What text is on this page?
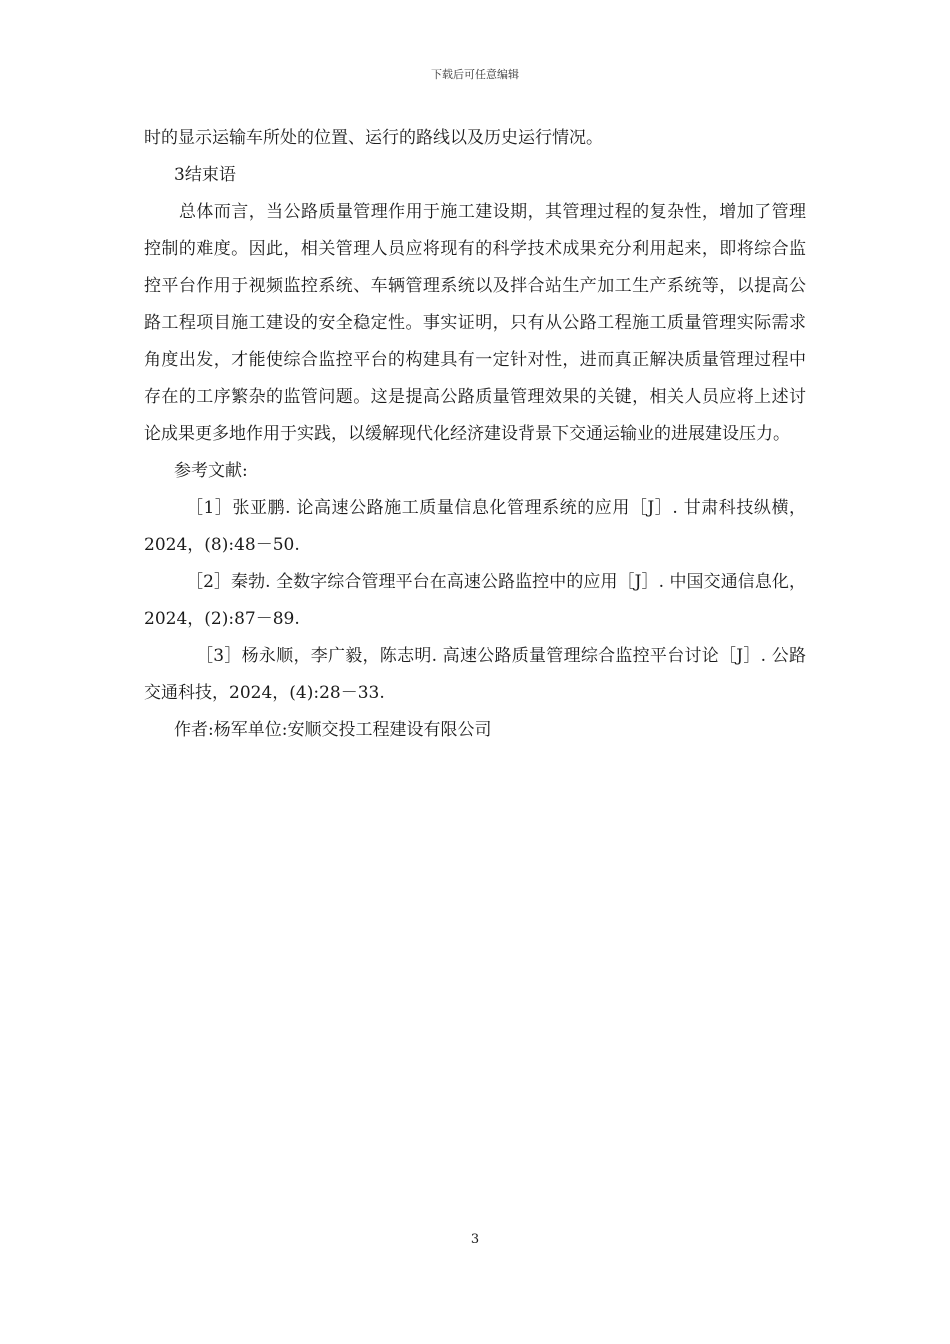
下载后可任意编辑

时的显示运输车所处的位置、运行的路线以及历史运行情况。

3结束语

总体而言，当公路质量管理作用于施工建设期，其管理过程的复杂性，增加了管理控制的难度。因此，相关管理人员应将现有的科学技术成果充分利用起来，即将综合监控平台作用于视频监控系统、车辆管理系统以及拌合站生产加工生产系统等，以提高公路工程项目施工建设的安全稳定性。事实证明，只有从公路工程施工质量管理实际需求角度出发，才能使综合监控平台的构建具有一定针对性，进而真正解决质量管理过程中存在的工序繁杂的监管问题。这是提高公路质量管理效果的关键，相关人员应将上述讨论成果更多地作用于实践，以缓解现代化经济建设背景下交通运输业的进展建设压力。

参考文献:

［1］张亚鹏. 论高速公路施工质量信息化管理系统的应用［J］. 甘肃科技纵横，2024，(8):48－50.

［2］秦勃. 全数字综合管理平台在高速公路监控中的应用［J］. 中国交通信息化，2024，(2):87－89.

［3］杨永顺，李广毅，陈志明. 高速公路质量管理综合监控平台讨论［J］. 公路交通科技，2024，(4):28－33.

作者:杨军单位:安顺交投工程建设有限公司

3
